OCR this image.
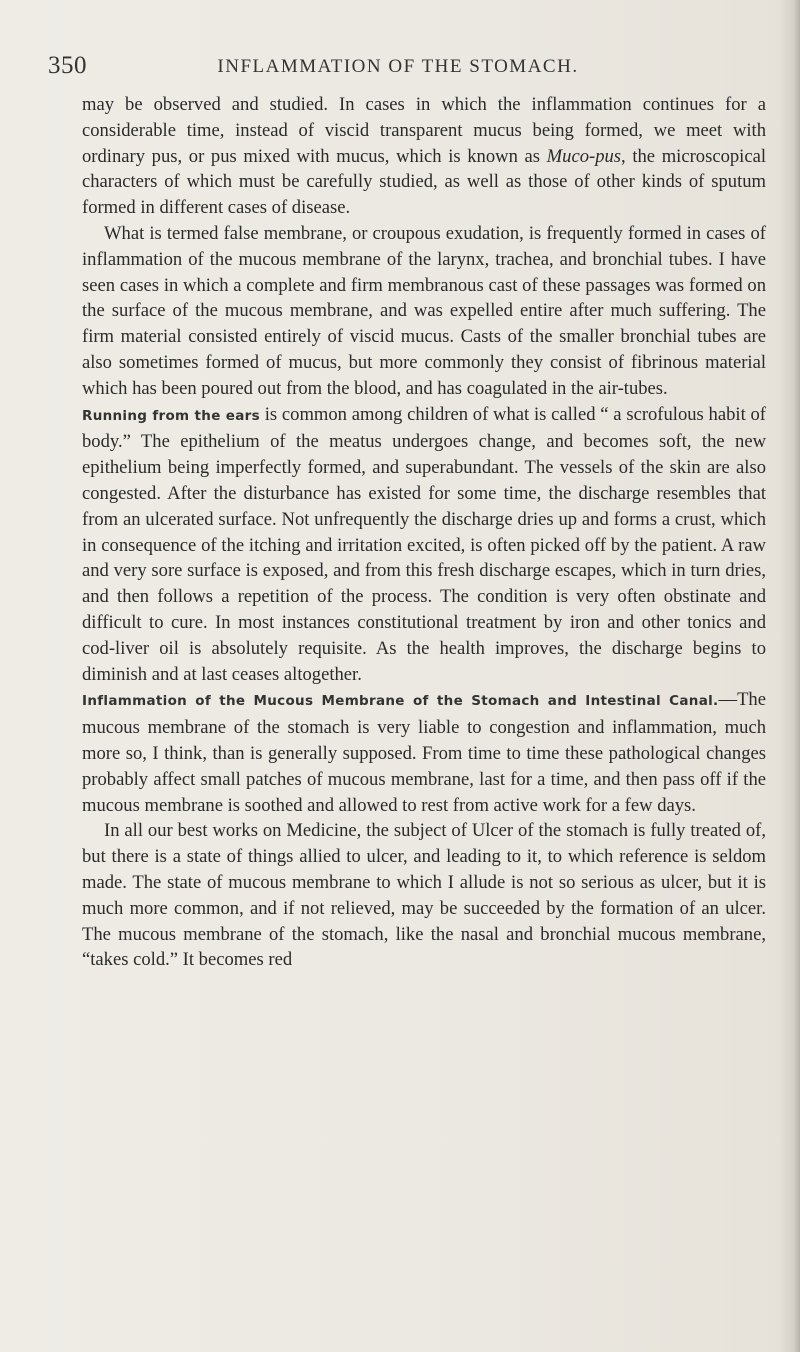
350	INFLAMMATION OF THE STOMACH.

may be observed and studied. In cases in which the inflammation continues for a considerable time, instead of viscid transparent mucus being formed, we meet with ordinary pus, or pus mixed with mucus, which is known as Muco-pus, the microscopical characters of which must be carefully studied, as well as those of other kinds of sputum formed in different cases of disease.

What is termed false membrane, or croupous exudation, is frequently formed in cases of inflammation of the mucous membrane of the larynx, trachea, and bronchial tubes. I have seen cases in which a complete and firm membranous cast of these passages was formed on the surface of the mucous membrane, and was expelled entire after much suffering. The firm material consisted entirely of viscid mucus. Casts of the smaller bronchial tubes are also sometimes formed of mucus, but more commonly they consist of fibrinous material which has been poured out from the blood, and has coagulated in the air-tubes.

Running from the ears is common among children of what is called “ a scrofulous habit of body.” The epithelium of the meatus undergoes change, and becomes soft, the new epithelium being imperfectly formed, and superabundant. The vessels of the skin are also congested. After the disturbance has existed for some time, the discharge resembles that from an ulcerated surface. Not unfrequently the discharge dries up and forms a crust, which in consequence of the itching and irritation excited, is often picked off by the patient. A raw and very sore surface is exposed, and from this fresh discharge escapes, which in turn dries, and then follows a repetition of the process. The condition is very often obstinate and difficult to cure. In most instances constitutional treatment by iron and other tonics and cod-liver oil is absolutely requisite. As the health improves, the discharge begins to diminish and at last ceases altogether.

Inflammation of the Mucous Membrane of the Stomach and Intestinal Canal.—The mucous membrane of the stomach is very liable to congestion and inflammation, much more so, I think, than is generally supposed. From time to time these pathological changes probably affect small patches of mucous membrane, last for a time, and then pass off if the mucous membrane is soothed and allowed to rest from active work for a few days.

In all our best works on Medicine, the subject of Ulcer of the stomach is fully treated of, but there is a state of things allied to ulcer, and leading to it, to which reference is seldom made. The state of mucous membrane to which I allude is not so serious as ulcer, but it is much more common, and if not relieved, may be succeeded by the formation of an ulcer. The mucous membrane of the stomach, like the nasal and bronchial mucous membrane, “takes cold.” It becomes red
